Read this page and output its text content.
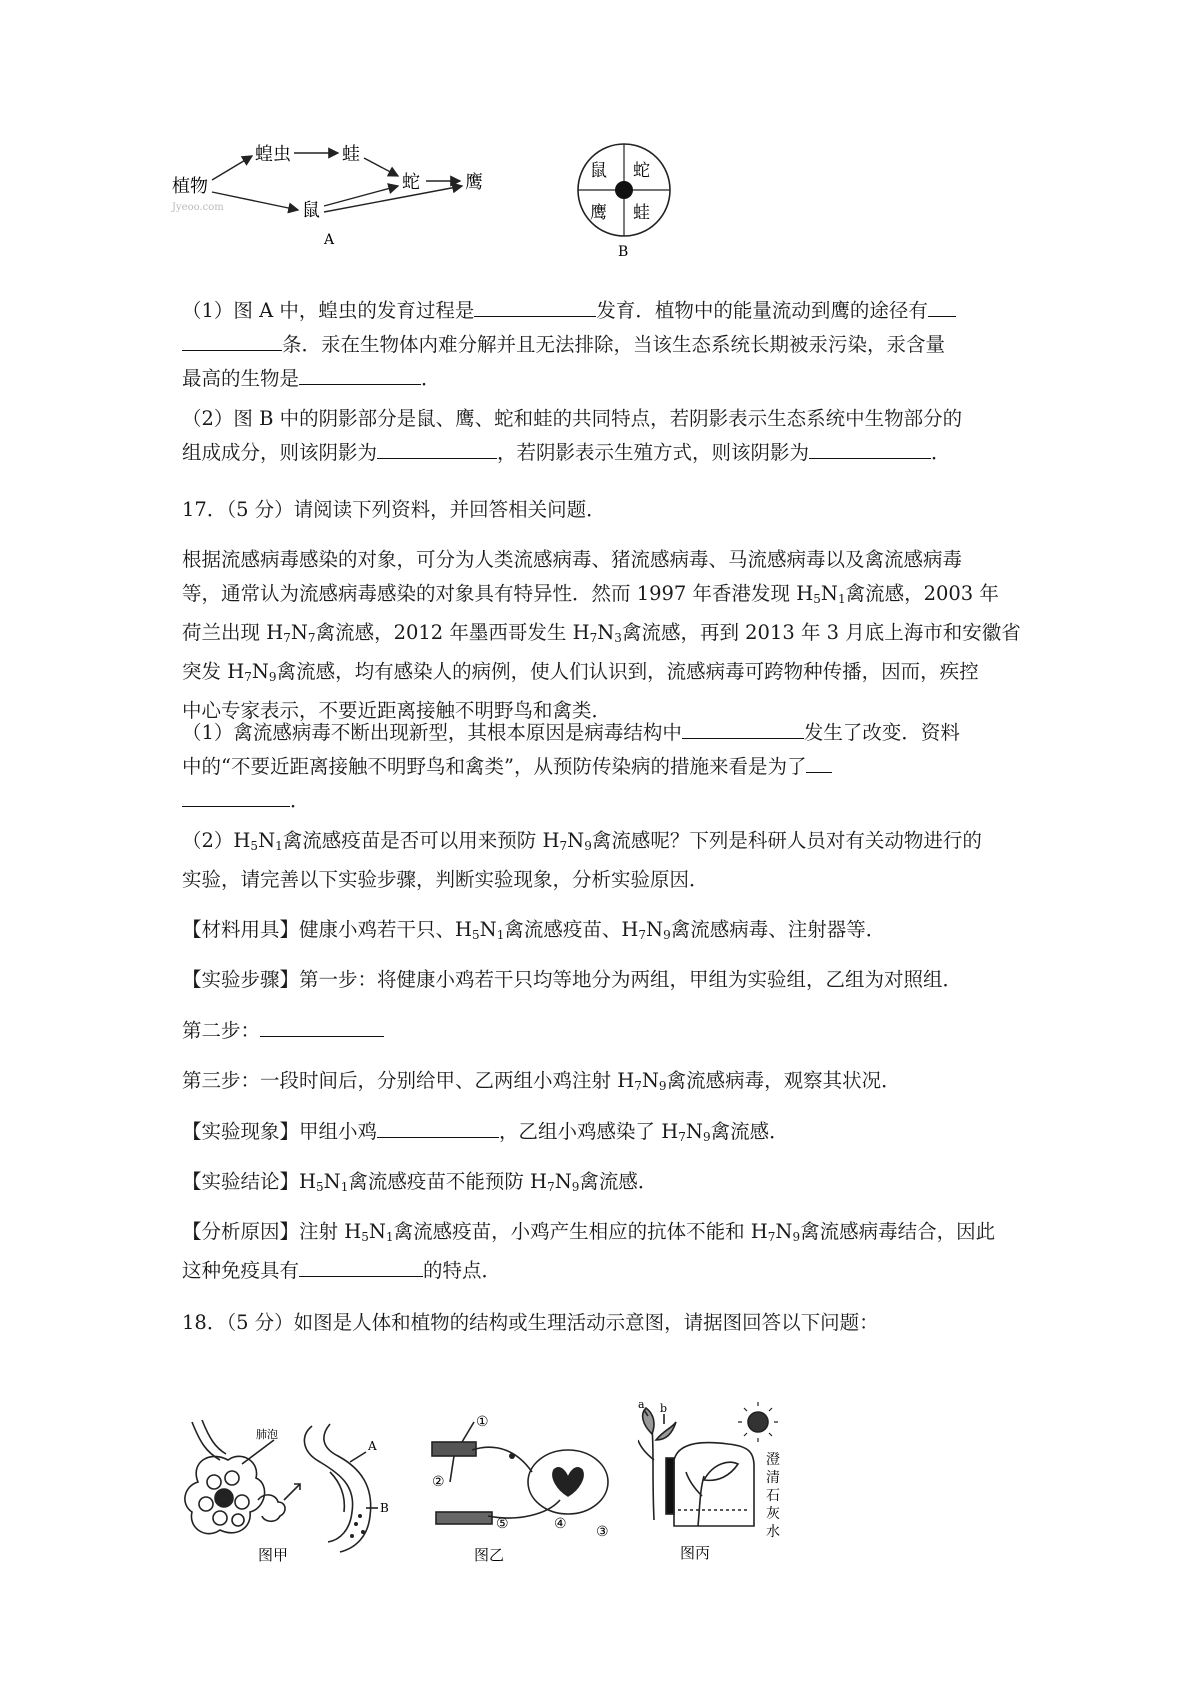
植物
蝗虫	蛙
鼠
蛇	鹰
Jyeoo.com
A
鼠 蛇
鹰 蛙
B
（1）图 A 中，蝗虫的发育过程是	发育．植物中的能量流动到鹰的途径有
条．汞在生物体内难分解并且无法排除，当该生态系统长期被汞污染，汞含量
最高的生物是	．
（2）图 B 中的阴影部分是鼠、鹰、蛇和蛙的共同特点，若阴影表示生态系统中生物部分的
组成成分，则该阴影为	，若阴影表示生殖方式，则该阴影为	．
17．（5 分）请阅读下列资料，并回答相关问题．
根据流感病毒感染的对象，可分为人类流感病毒、猪流感病毒、马流感病毒以及禽流感病毒
等，通常认为流感病毒感染的对象具有特异性．然而 1997 年香港发现 $H_5N_1$禽流感，2003 年
荷兰出现 $H_7N_7$禽流感，2012 年墨西哥发生 $H_7N_3$禽流感，再到 2013 年 3 月底上海市和安徽省
突发 $H_7N_9$禽流感，均有感染人的病例，使人们认识到，流感病毒可跨物种传播，因而，疾控
中心专家表示，不要近距离接触不明野鸟和禽类．
（1）禽流感病毒不断出现新型，其根本原因是病毒结构中	发生了改变．资料
中的“不要近距离接触不明野鸟和禽类”，从预防传染病的措施来看是为了
．
$(2)H_5N_1$禽流感疫苗是否可以用来预防 $H_7N_9$禽流感呢？下列是科研人员对有关动物进行的
实验，请完善以下实验步骤，判断实验现象，分析实验原因．
【材料用具】健康小鸡若干只、$H_5N_1$禽流感疫苗、$H_7N_9$禽流感病毒、注射器等．
【实验步骤】第一步：将健康小鸡若干只均等地分为两组，甲组为实验组，乙组为对照组．
第二步：
第三步：一段时间后，分别给甲、乙两组小鸡注射 $H_7N_9$禽流感病毒，观察其状况．
【实验现象】甲组小鸡	，乙组小鸡感染了 $H_7N_9$禽流感．
【实验结论】$H_5N_1$禽流感疫苗不能预防 $H_7N_9$禽流感．
【分析原因】注射 $H_5N_1$禽流感疫苗，小鸡产生相应的抗体不能和 $H_7N_9$禽流感病毒结合，因此
这种免疫具有	的特点．
18．（5 分）如图是人体和植物的结构或生理活动示意图，请据图回答以下问题：
肺泡
A
B
图甲
①
②
③
④
⑤
图乙
a b
澄
清
石
灰
水
图丙
